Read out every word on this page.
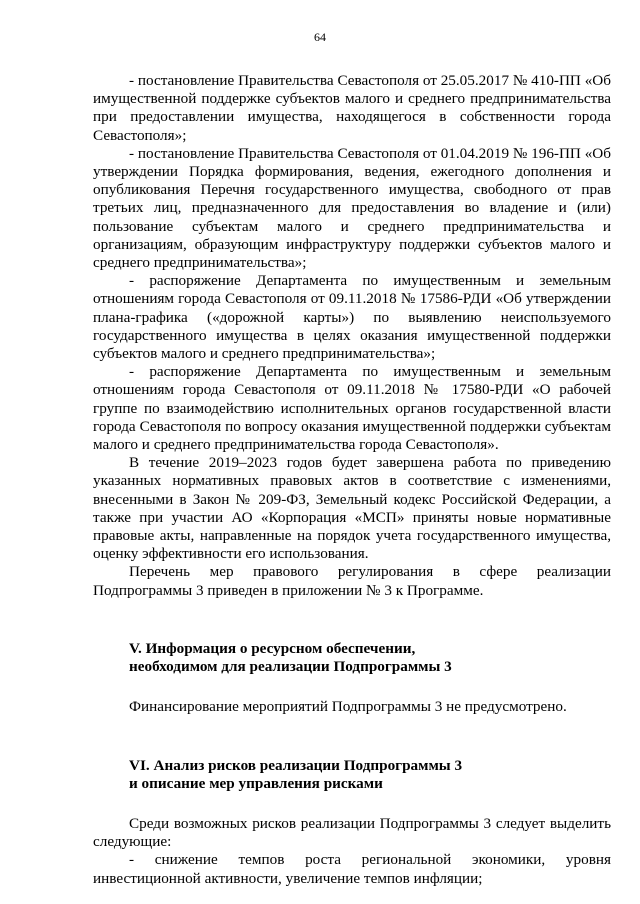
64

- постановление Правительства Севастополя от 25.05.2017 № 410-ПП «Об имущественной поддержке субъектов малого и среднего предпринимательства при предоставлении имущества, находящегося в собственности города Севастополя»;

- постановление Правительства Севастополя от 01.04.2019 № 196-ПП «Об утверждении Порядка формирования, ведения, ежегодного дополнения и опубликования Перечня государственного имущества, свободного от прав третьих лиц, предназначенного для предоставления во владение и (или) пользование субъектам малого и среднего предпринимательства и организациям, образующим инфраструктуру поддержки субъектов малого и среднего предпринимательства»;

- распоряжение Департамента по имущественным и земельным отношениям города Севастополя от 09.11.2018 № 17586-РДИ «Об утверждении плана-графика («дорожной карты») по выявлению неиспользуемого государственного имущества в целях оказания имущественной поддержки субъектов малого и среднего предпринимательства»;

- распоряжение Департамента по имущественным и земельным отношениям города Севастополя от 09.11.2018 № 17580-РДИ «О рабочей группе по взаимодействию исполнительных органов государственной власти города Севастополя по вопросу оказания имущественной поддержки субъектам малого и среднего предпринимательства города Севастополя».

В течение 2019–2023 годов будет завершена работа по приведению указанных нормативных правовых актов в соответствие с изменениями, внесенными в Закон № 209-ФЗ, Земельный кодекс Российской Федерации, а также при участии АО «Корпорация «МСП» приняты новые нормативные правовые акты, направленные на порядок учета государственного имущества, оценку эффективности его использования.

Перечень мер правового регулирования в сфере реализации Подпрограммы 3 приведен в приложении № 3 к Программе.

V. Информация о ресурсном обеспечении,

необходимом для реализации Подпрограммы 3

Финансирование мероприятий Подпрограммы 3 не предусмотрено.

VI. Анализ рисков реализации Подпрограммы 3

и описание мер управления рисками

Среди возможных рисков реализации Подпрограммы 3 следует выделить следующие:

- снижение темпов роста региональной экономики, уровня инвестиционной активности, увеличение темпов инфляции;
